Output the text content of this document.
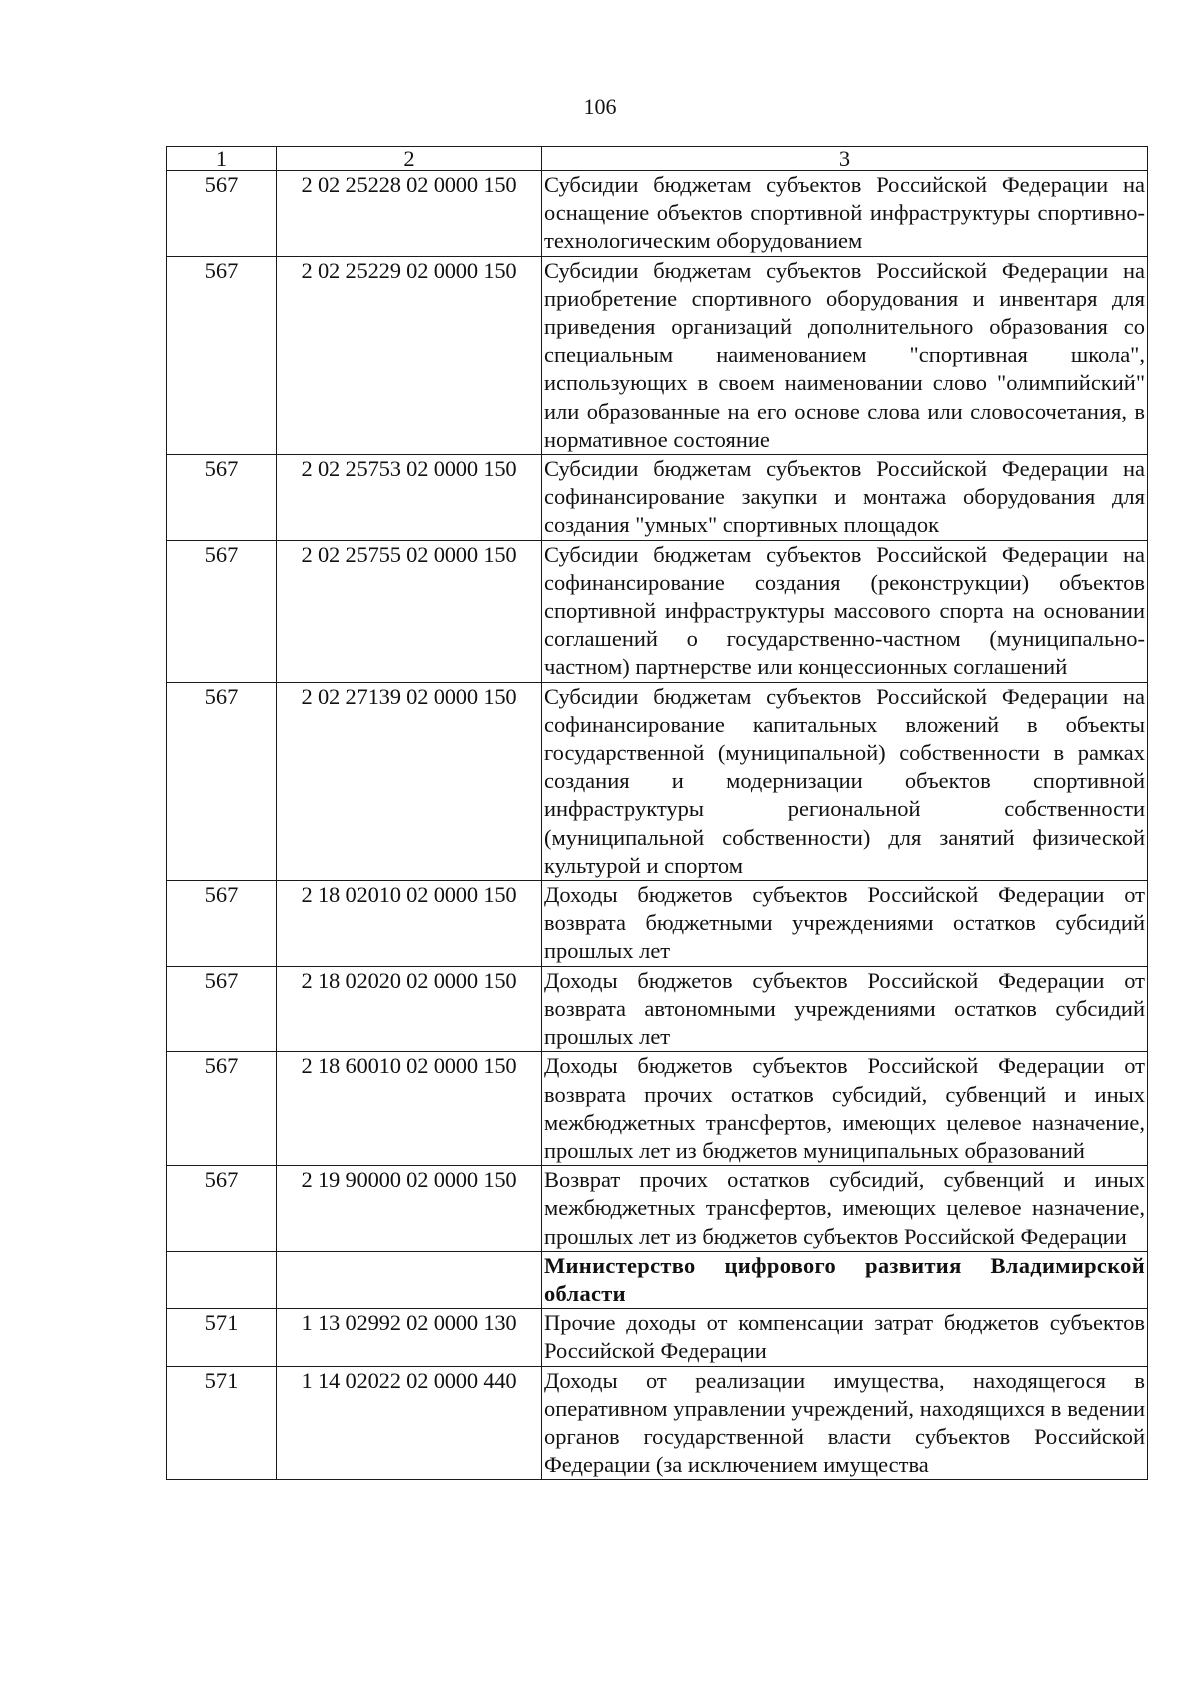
106
1	2	3
567	2 02 25228 02 0000 150	Субсидии бюджетам субъектов Российской Федерации на оснащение объектов спортивной инфраструктуры спортивно-технологическим оборудованием
567	2 02 25229 02 0000 150	Субсидии бюджетам субъектов Российской Федерации на приобретение спортивного оборудования и инвентаря для приведения организаций дополнительного образования со специальным наименованием "спортивная школа", использующих в своем наименовании слово "олимпийский" или образованные на его основе слова или словосочетания, в нормативное состояние
567	2 02 25753 02 0000 150	Субсидии бюджетам субъектов Российской Федерации на софинансирование закупки и монтажа оборудования для создания "умных" спортивных площадок
567	2 02 25755 02 0000 150	Субсидии бюджетам субъектов Российской Федерации на софинансирование создания (реконструкции) объектов спортивной инфраструктуры массового спорта на основании соглашений о государственно-частном (муниципально-частном) партнерстве или концессионных соглашений
567	2 02 27139 02 0000 150	Субсидии бюджетам субъектов Российской Федерации на софинансирование капитальных вложений в объекты государственной (муниципальной) собственности в рамках создания и модернизации объектов спортивной инфраструктуры региональной собственности (муниципальной собственности) для занятий физической культурой и спортом
567	2 18 02010 02 0000 150	Доходы бюджетов субъектов Российской Федерации от возврата бюджетными учреждениями остатков субсидий прошлых лет
567	2 18 02020 02 0000 150	Доходы бюджетов субъектов Российской Федерации от возврата автономными учреждениями остатков субсидий прошлых лет
567	2 18 60010 02 0000 150	Доходы бюджетов субъектов Российской Федерации от возврата прочих остатков субсидий, субвенций и иных межбюджетных трансфертов, имеющих целевое назначение, прошлых лет из бюджетов муниципальных образований
567	2 19 90000 02 0000 150	Возврат прочих остатков субсидий, субвенций и иных межбюджетных трансфертов, имеющих целевое назначение, прошлых лет из бюджетов субъектов Российской Федерации
		Министерство цифрового развития Владимирской области
571	1 13 02992 02 0000 130	Прочие доходы от компенсации затрат бюджетов субъектов Российской Федерации
571	1 14 02022 02 0000 440	Доходы от реализации имущества, находящегося в оперативном управлении учреждений, находящихся в ведении органов государственной власти субъектов Российской Федерации (за исключением имущества
